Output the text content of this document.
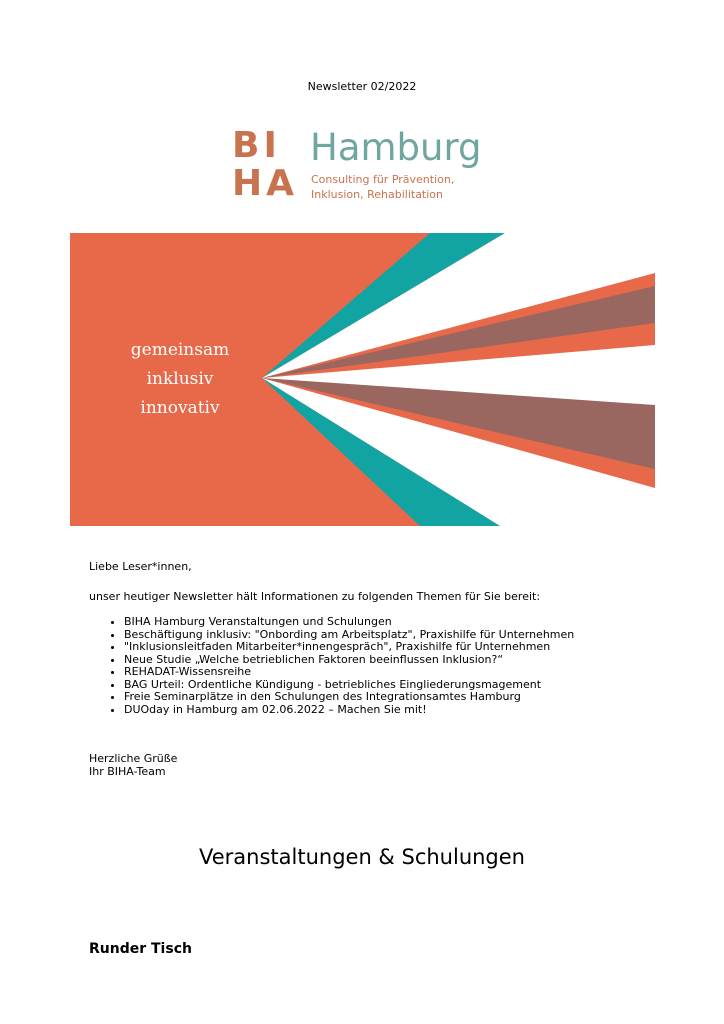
Newsletter 02/2022
BI
HA
Hamburg
Consulting für Prävention,
Inklusion, Rehabilitation
gemeinsam
inklusiv
innovativ

Liebe Leser*innen,

unser heutiger Newsletter hält Informationen zu folgenden Themen für Sie bereit:

• BIHA Hamburg Veranstaltungen und Schulungen
• Beschäftigung inklusiv: "Onbording am Arbeitsplatz", Praxishilfe für Unternehmen
• "Inklusionsleitfaden Mitarbeiter*innengespräch", Praxishilfe für Unternehmen
• Neue Studie „Welche betrieblichen Faktoren beeinflussen Inklusion?“
• REHADAT-Wissensreihe
• BAG Urteil: Ordentliche Kündigung - betriebliches Eingliederungsmagement
• Freie Seminarplätze in den Schulungen des Integrationsamtes Hamburg
• DUOday in Hamburg am 02.06.2022 – Machen Sie mit!
Herzliche Grüße
Ihr BIHA-Team
Veranstaltungen & Schulungen
Runder Tisch
